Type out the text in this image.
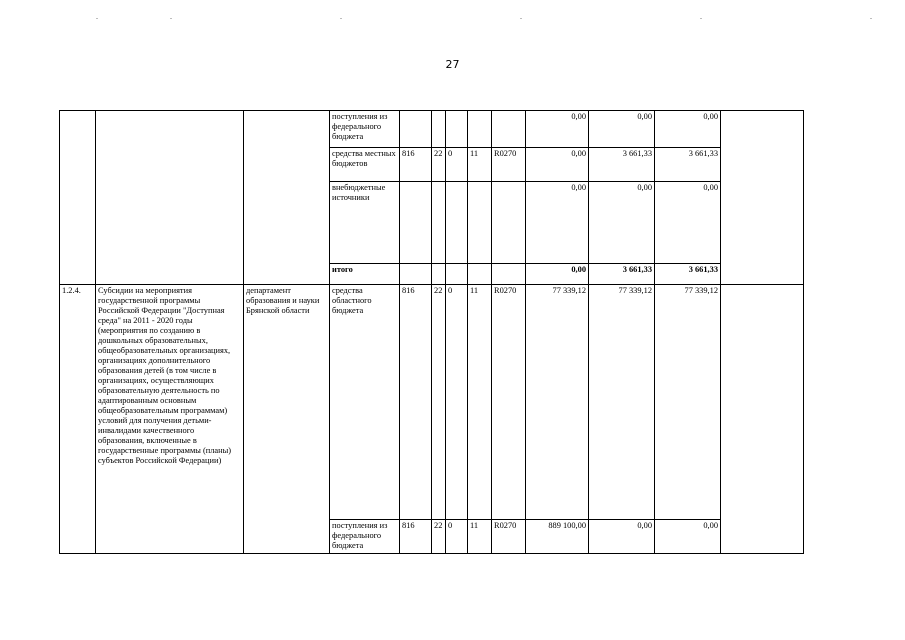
27
			поступления из федерального бюджета						0,00	0,00	0,00	
			средства местных бюджетов	816	22	0	11	R0270	0,00	3 661,33	3 661,33	
			внебюджетные источники						0,00	0,00	0,00	
			итого						0,00	3 661,33	3 661,33	
1.2.4.	Субсидии на мероприятия государственной программы Российской Федерации "Доступная среда" на 2011 - 2020 годы (мероприятия по созданию в дошкольных образовательных, общеобразовательных организациях, организациях дополнительного образования детей (в том числе в организациях, осуществляющих образовательную деятельность по адаптированным основным общеобразовательным программам) условий для получения детьми-инвалидами качественного образования, включенные в государственные программы (планы) субъектов Российской Федерации)	департамент образования и науки Брянской области	средства областного бюджета	816	22	0	11	R0270	77 339,12	77 339,12	77 339,12	
			поступления из федерального бюджета	816	22	0	11	R0270	889 100,00	0,00	0,00	
